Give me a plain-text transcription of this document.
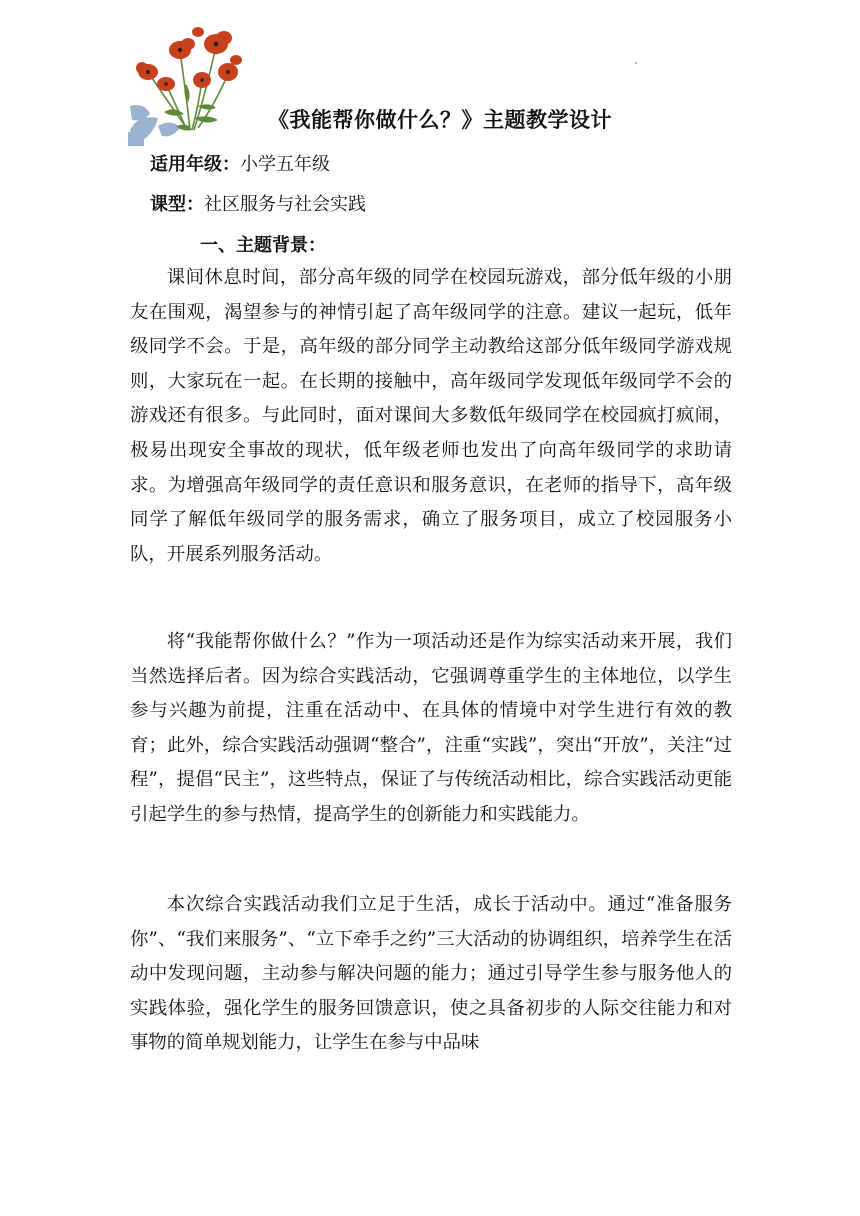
《我能帮你做什么？》主题教学设计
适用年级：小学五年级
课型：社区服务与社会实践
一、主题背景：

课间休息时间，部分高年级的同学在校园玩游戏，部分低年级的小朋友在围观，渴望参与的神情引起了高年级同学的注意。建议一起玩，低年级同学不会。于是，高年级的部分同学主动教给这部分低年级同学游戏规则，大家玩在一起。在长期的接触中，高年级同学发现低年级同学不会的游戏还有很多。与此同时，面对课间大多数低年级同学在校园疯打疯闹，极易出现安全事故的现状，低年级老师也发出了向高年级同学的求助请求。为增强高年级同学的责任意识和服务意识，在老师的指导下，高年级同学了解低年级同学的服务需求，确立了服务项目，成立了校园服务小队，开展系列服务活动。

将“我能帮你做什么？”作为一项活动还是作为综实活动来开展，我们当然选择后者。因为综合实践活动，它强调尊重学生的主体地位，以学生参与兴趣为前提，注重在活动中、在具体的情境中对学生进行有效的教育；此外，综合实践活动强调“整合”，注重“实践”，突出“开放”，关注“过程”，提倡“民主”，这些特点，保证了与传统活动相比，综合实践活动更能引起学生的参与热情，提高学生的创新能力和实践能力。

本次综合实践活动我们立足于生活，成长于活动中。通过“准备服务你”、“我们来服务”、“立下牵手之约”三大活动的协调组织，培养学生在活动中发现问题，主动参与解决问题的能力；通过引导学生参与服务他人的实践体验，强化学生的服务回馈意识，使之具备初步的人际交往能力和对事物的简单规划能力，让学生在参与中品味
